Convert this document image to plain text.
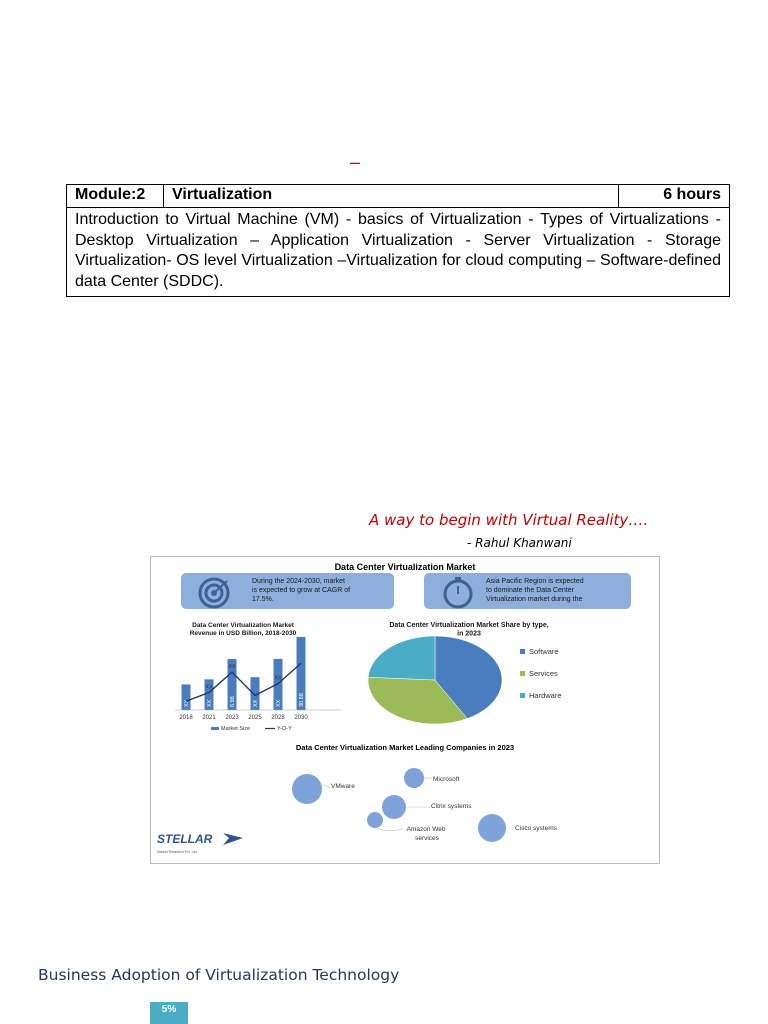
–
Module:2	Virtualization	6 hours
Introduction to Virtual Machine (VM) - basics of Virtualization - Types of Virtualizations - Desktop Virtualization – Application Virtualization - Server Virtualization - Storage Virtualization- OS level Virtualization –Virtualization for cloud computing – Software-defined data Center (SDDC).
A way to begin with Virtual Reality….
- Rahul Khanwani
Data Center Virtualization Market
During the 2024-2030, market is expected to grow at CAGR of 17.5%.
Asia Pacific Region is expected to dominate the Data Center Virtualization market during the
Data Center Virtualization Market Revenue in USD Billion, 2018-2030
XX
2018
XX
2021
XX
6.98
2023
XX
XX
2025
XX
2028
XX
30.88
2030
Market Size	Y-O-Y
Data Center Virtualization Market Share by type, in 2023
Software
Services
Hardware
Data Center Virtualization Market Leading Companies in 2023
VMware
Microsoft
Citrix systems
Amazon Web services
Cisco systems
STELLAR
Market Research Pvt. Ltd.
Business Adoption of Virtualization Technology
5%
